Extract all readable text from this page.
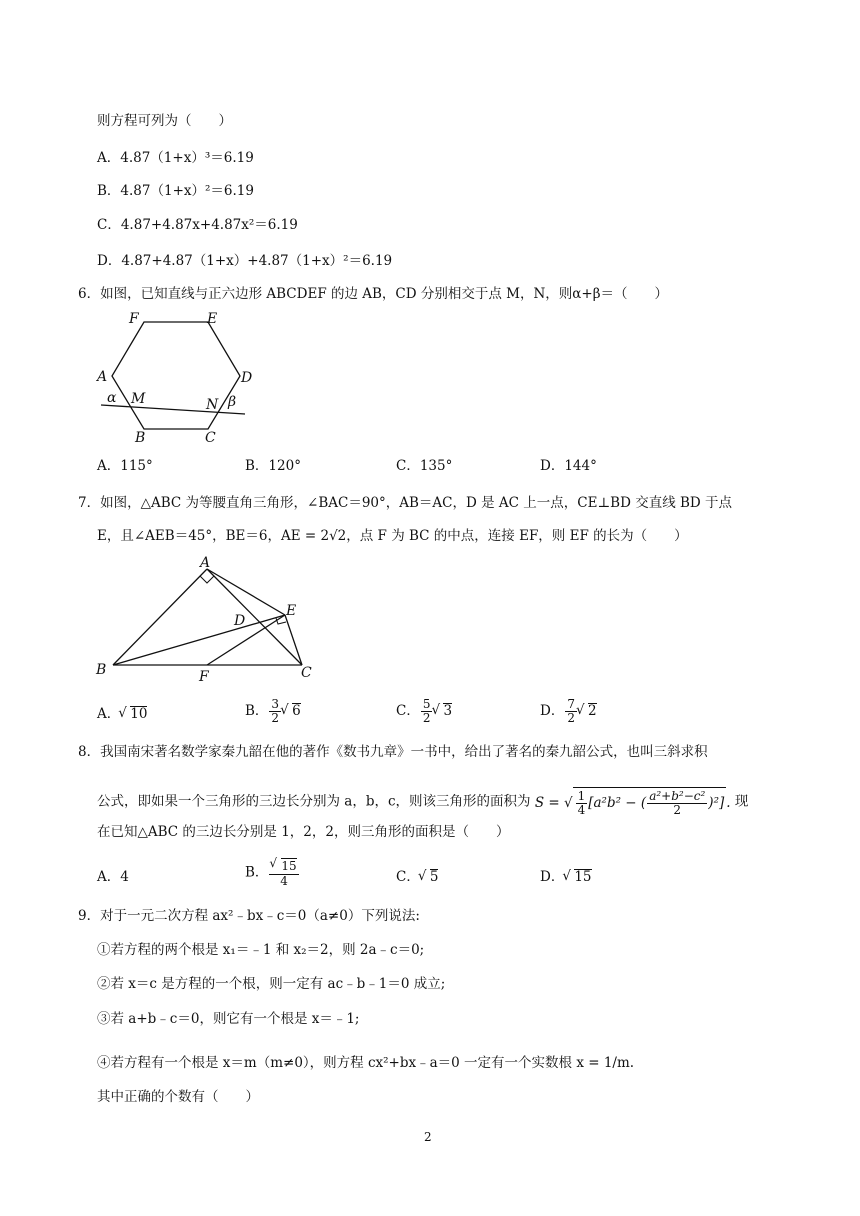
则方程可列为（　　）
A．4.87（1+x）³＝6.19
B．4.87（1+x）²＝6.19
C．4.87+4.87x+4.87x²＝6.19
D．4.87+4.87（1+x）+4.87（1+x）²＝6.19
6．如图，已知直线与正六边形 ABCDEF 的边 AB，CD 分别相交于点 M，N，则α+β＝（　　）
F	E
A	D
B	C
M	N
α	β
A．115°	B．120°	C．135°	D．144°
7．如图，△ABC 为等腰直角三角形，∠BAC＝90°，AB＝AC，D 是 AC 上一点，CE⊥BD 交直线 BD 于点
E，且∠AEB＝45°，BE＝6，AE = 2√2，点 F 为 BC 的中点，连接 EF，则 EF 的长为（　　）
A
B	C
D
E
F
A． √ 10	B． $\frac{3}{2}$ √ 6	C． $\frac{5}{2}$ √ 3	D． $\frac{7}{2}$ √ 2
8．我国南宋著名数学家秦九韶在他的著作《数书九章》一书中，给出了著名的秦九韶公式，也叫三斜求积
公式，即如果一个三角形的三边长分别为 a，b，c，则该三角形的面积为 S = √ $\frac{1}{4} [a^2b^2$ − ( $\frac{\text{a²+b²−c²}}{2} )^2$]. 现
在已知△ABC 的三边长分别是 1，2，2，则三角形的面积是（　　）
A．4	B． √ $\frac{15}{4}$	C． √ 5	D． √ 15
9．对于一元二次方程 ax²﹣bx﹣c＝0（a≠0）下列说法:
①若方程的两个根是 x₁＝﹣1 和 x₂＝2，则 2a﹣c＝0;
②若 x＝c 是方程的一个根，则一定有 ac﹣b﹣1＝0 成立;
③若 a+b﹣c＝0，则它有一个根是 x＝﹣1;
④若方程有一个根是 x＝m（m≠0），则方程 cx²+bx﹣a＝0 一定有一个实数根 x = 1/m.
其中正确的个数有（　　）
2
